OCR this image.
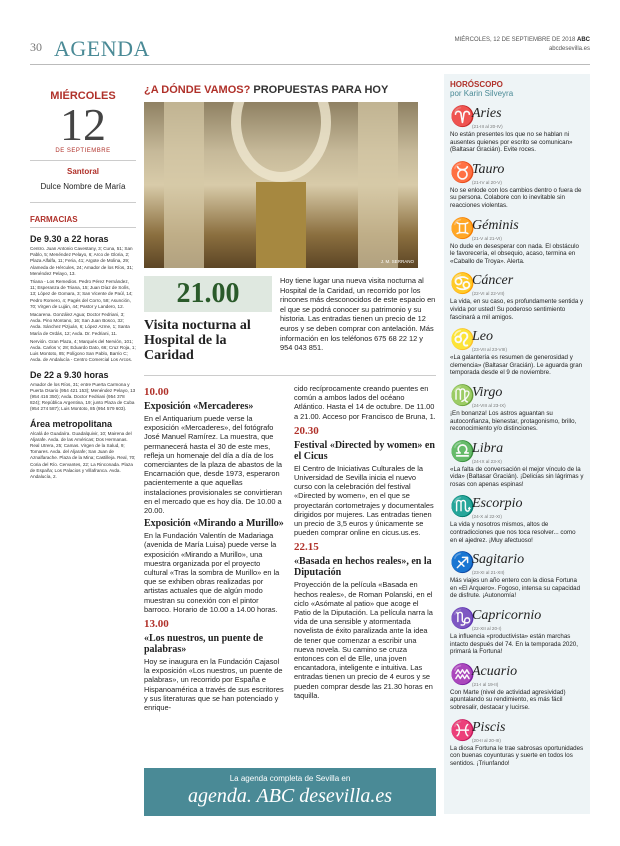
30 AGENDA	MIÉRCOLES, 12 DE SEPTIEMBRE DE 2018 ABC
abcdesevilla.es
MIÉRCOLES
12
DE SEPTIEMBRE
Santoral

Dulce Nombre de María

FARMACIAS
De 9.30 a 22 horas
Centro. Juan Antonio Cavestany, 3; Cuna, 51; San Pablo, 5; Menéndez Pelayo, 6; Arco de Gloria, 2; Plaza Alfalfa, 11; Feria, 41; Argote de Molina, 29; Alameda de Hércules, 24; Amador de los Ríos, 31; Menéndez Pelayo, 13.
Triana - Los Remedios. Pedro Pérez Fernández, 11; Esperanza de Triana, 15; Juan Díaz de Solís, 13; López de Gomara, 3; San Vicente de Paúl, 14; Pedro Romero, 4; Pagés del Corro, 58; Asunción, 70; Virgen de Luján, 44; Pastor y Landero, 12.
Macarena. González Agua; Doctor Fedriani, 3; Avda. Pino Montano, 16; San Juan Bosco, 32; Avda. Sánchez Pizjuán, 6; López Azme, 1; Santa María de Ordás, 12; Avda. Dr. Fedriani, 11.
Nervión. Gran Plaza, 4; Marqués del Nervión, 101; Avda. Carlos V, 28; Eduardo Dato, 66; Cruz Roja, 1; Luis Montoto, 85; Polígono San Pablo, Barrio C; Avda. de Andalucía - Centro Comercial Los Arcos.
De 22 a 9.30 horas
Amador de los Ríos, 31; entre Puerta Carmona y Puerta Osario (954 421 153); Menéndez Pelayo, 13 (954 416 350); Avda. Doctor Fedriani (954 378 824); República Argentina, 19; junto Plaza de Cuba (954 274 587); Luis Montoto, 85 (954 579 603).
Área metropolitana
Alcalá de Guadaíra. Guadalquivir, 10; Mairena del Aljarafe. Avda. de las Américas; Dos Hermanas. Real Utrera, 25; Camas. Virgen de la Salud, 9; Tomares. Avda. del Aljarafe; San Juan de Aznalfarache. Plaza de la Mina; Castilleja. Real, 70; Coria del Río. Cervantes, 22; La Rinconada. Plaza de España; Los Palacios y Villafranca. Avda. Andalucía, 2.
¿A DÓNDE VAMOS? PROPUESTAS PARA HOY
J. M. SERRANO
21.00
Visita nocturna al Hospital de la Caridad
Hoy tiene lugar una nueva visita nocturna al Hospital de la Caridad, un recorrido por los rincones más desconocidos de este espacio en el que se podrá conocer su patrimonio y su historia. Las entradas tienen un precio de 12 euros y se deben comprar con antelación. Más información en los teléfonos 675 68 22 12 y 954 043 851.
10.00
Exposición «Mercaderes»
En el Antiquarium puede verse la exposición «Mercaderes», del fotógrafo José Manuel Ramírez. La muestra, que permanecerá hasta el 30 de este mes, refleja un homenaje del día a día de los comerciantes de la plaza de abastos de la Encarnación que, desde 1973, esperaron pacientemente a que aquellas instalaciones provisionales se convirtieran en el mercado que es hoy día. De 10.00 a 20.00.
Exposición «Mirando a Murillo»
En la Fundación Valentín de Madariaga (avenida de María Luisa) puede verse la exposición «Mirando a Murillo», una muestra organizada por el proyecto cultural «Tras la sombra de Murillo» en la que se exhiben obras realizadas por artistas actuales que de algún modo muestran su conexión con el pintor barroco. Horario de 10.00 a 14.00 horas.
13.00
«Los nuestros, un puente de palabras»
Hoy se inaugura en la Fundación Cajasol la exposición «Los nuestros, un puente de palabras», un recorrido por España e Hispanoamérica a través de sus escritores y sus literaturas que se han potenciado y enrique-
cido recíprocamente creando puentes en común a ambos lados del océano Atlántico. Hasta el 14 de octubre. De 11.00 a 21.00. Acceso por Francisco de Bruna, 1.
20.30
Festival «Directed by women» en el Cicus
El Centro de Iniciativas Culturales de la Universidad de Sevilla inicia el nuevo curso con la celebración del festival «Directed by women», en el que se proyectarán cortometrajes y documentales dirigidos por mujeres. Las entradas tienen un precio de 3,5 euros y únicamente se pueden comprar online en cicus.us.es.
22.15
«Basada en hechos reales», en la Diputación
Proyección de la película «Basada en hechos reales», de Roman Polanski, en el ciclo «Asómate al patio» que acoge el Patio de la Diputación. La película narra la vida de una sensible y atormentada novelista de éxito paralizada ante la idea de tener que comenzar a escribir una nueva novela. Su camino se cruza entonces con el de Elle, una joven encantadora, inteligente e intuitiva. Las entradas tienen un precio de 4 euros y se pueden comprar desde las 21.30 horas en taquilla.
La agenda completa de Sevilla en
agenda. ABC desevilla.es
HORÓSCOPO
por Karin Silveyra
♈
Aries
(21-III al 20-IV)
No están presentes los que no se hablan ni ausentes quienes por escrito se comunican» (Baltasar Gracián). Evite roces.
♉
Tauro
(21-IV al 20-V)
No se enlode con los cambios dentro o fuera de su persona. Colabore con lo inevitable sin reacciones violentas.
♊
Géminis
(21-V al 21-VI)
No dude en desesperar con nada. El obstáculo le favorecería, el obsequio, acaso, termina en «Caballo de Troya». Alerta.
♋
Cáncer
(22-VI al 22-VII)
La vida, en su caso, es profundamente sentida y vivida por usted! Su poderoso sentimiento fascinará a mil amigos.
♌
Leo
(23-VII al 23-VIII)
«La galantería es resumen de generosidad y clemencia» (Baltasar Gracián). Le aguarda gran temporada desde el 9 de noviembre.
♍
Virgo
(24-VIII al 23-IX)
¡En bonanza! Los astros aguantan su autoconfianza, bienestar, protagonismo, brillo, reconocimiento y/o distinciones.
♎
Libra
(24-IX al 23-X)
«La falta de conversación el mejor vínculo de la vida» (Baltasar Gracián). ¡Delicias sin lágrimas y rosas con apenas espinas!
♏
Escorpio
(24-X al 22-XI)
La vida y nosotros mismos, altos de contradicciones que nos toca resolver... como en el ajedrez. ¡Muy afectuoso!
♐
Sagitario
(23-XI al 21-XII)
Más viajes un año entero con la diosa Fortuna en «El Arquero». Fogoso, intensa su capacidad de disfrute. ¡Autonomía!
♑
Capricornio
(22-XII al 20-I)
La influencia «productivista» están marchas intacto después del 74. En la temporada 2020, primará la Fortuna!
♒
Acuario
(21-I al 19-II)
Con Marte (nivel de actividad agresividad) apuntalando su rendimiento, es más fácil sobresalir, destacar y lucirse.
♓
Piscis
(20-II al 20-III)
La diosa Fortuna le trae sabrosas oportunidades con buenas coyunturas y suerte en todos los sentidos. ¡Triunfando!
